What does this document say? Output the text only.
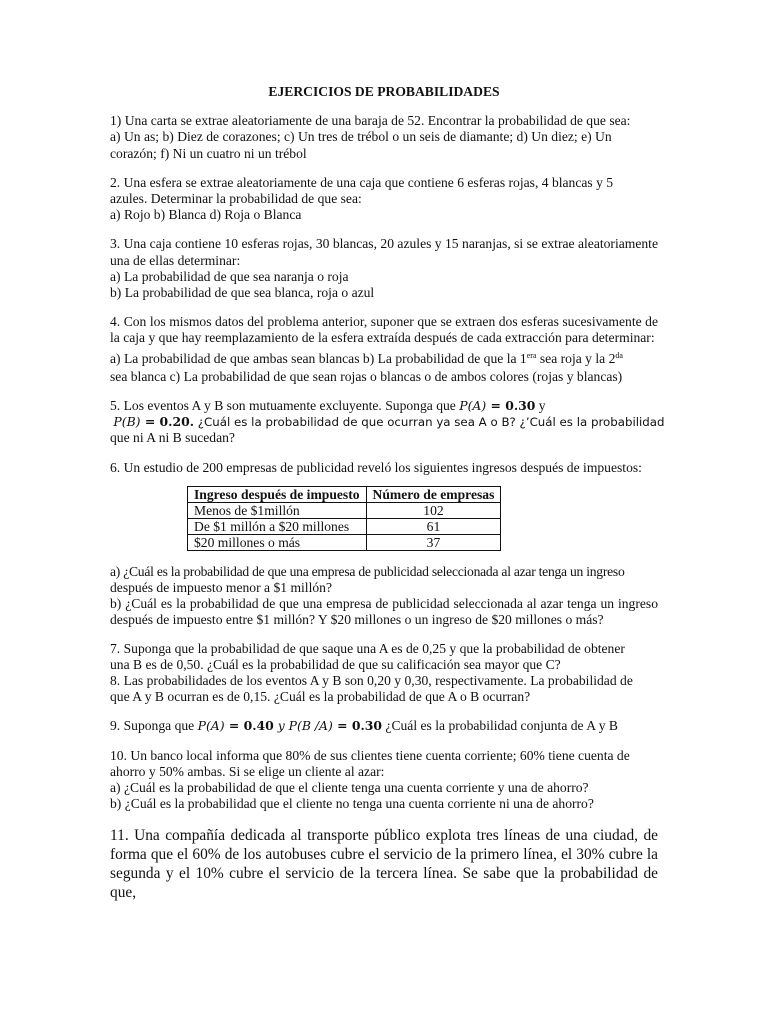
EJERCICIOS DE PROBABILIDADES
1) Una carta se extrae aleatoriamente de una baraja de 52. Encontrar la probabilidad de que sea:
a) Un as; b) Diez de corazones; c) Un tres de trébol o un seis de diamante; d) Un diez; e) Un
corazón; f) Ni un cuatro ni un trébol
2. Una esfera se extrae aleatoriamente de una caja que contiene 6 esferas rojas, 4 blancas y 5
azules. Determinar la probabilidad de que sea:
a) Rojo b) Blanca d) Roja o Blanca
3. Una caja contiene 10 esferas rojas, 30 blancas, 20 azules y 15 naranjas, si se extrae aleatoriamente una de ellas determinar:
a) La probabilidad de que sea naranja o roja
b) La probabilidad de que sea blanca, roja o azul
4. Con los mismos datos del problema anterior, suponer que se extraen dos esferas sucesivamente de la caja y que hay reemplazamiento de la esfera extraída después de cada extracción para determinar:
a) La probabilidad de que ambas sean blancas b) La probabilidad de que la $1^{era}$ sea roja y la $2^{da}$
sea blanca c) La probabilidad de que sean rojas o blancas o de ambos colores (rojas y blancas)
5. Los eventos A y B son mutuamente excluyente. Suponga que P(A) = 0.30 y
P(B) = 0.20. ¿Cuál es la probabilidad de que ocurran ya sea A o B? ¿’Cuál es la probabilidad
que ni A ni B sucedan?
6. Un estudio de 200 empresas de publicidad reveló los siguientes ingresos después de impuestos:
Ingreso después de impuesto	Número de empresas
Menos de $1millón	102
De $1 millón a $20 millones	61
$20 millones o más	37
a) ¿Cuál es la probabilidad de que una empresa de publicidad seleccionada al azar tenga un ingreso
después de impuesto menor a $1 millón?
b) ¿Cuál es la probabilidad de que una empresa de publicidad seleccionada al azar tenga un ingreso después de impuesto entre $1 millón? Y $20 millones o un ingreso de $20 millones o más?
7. Suponga que la probabilidad de que saque una A es de 0,25 y que la probabilidad de obtener
una B es de 0,50. ¿Cuál es la probabilidad de que su calificación sea mayor que C?
8. Las probabilidades de los eventos A y B son 0,20 y 0,30, respectivamente. La probabilidad de
que A y B ocurran es de 0,15. ¿Cuál es la probabilidad de que A o B ocurran?
9. Suponga que P(A) = 0.40 y P(B /A) = 0.30 ¿Cuál es la probabilidad conjunta de A y B
10. Un banco local informa que 80% de sus clientes tiene cuenta corriente; 60% tiene cuenta de
ahorro y 50% ambas. Si se elige un cliente al azar:
a) ¿Cuál es la probabilidad de que el cliente tenga una cuenta corriente y una de ahorro?
b) ¿Cuál es la probabilidad que el cliente no tenga una cuenta corriente ni una de ahorro?
11. Una compañía dedicada al transporte público explota tres líneas de una ciudad, de forma que el 60% de los autobuses cubre el servicio de la primero línea, el 30% cubre la segunda y el 10% cubre el servicio de la tercera línea. Se sabe que la probabilidad de que,
